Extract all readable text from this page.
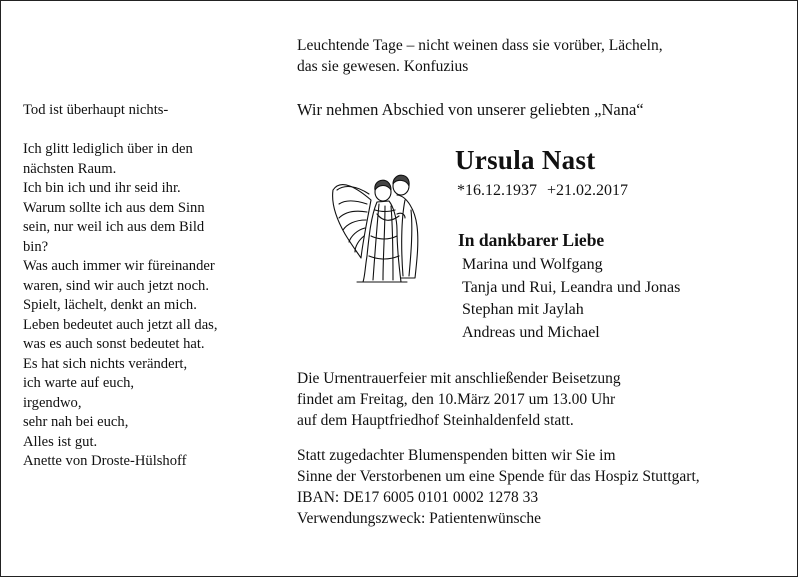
Leuchtende Tage – nicht weinen dass sie vorüber, Lächeln,
das sie gewesen. Konfuzius
Wir nehmen Abschied von unserer geliebten „Nana“
Ursula Nast
*16.12.1937 +21.02.2017
In dankbarer Liebe
Marina und Wolfgang
Tanja und Rui, Leandra und Jonas
Stephan mit Jaylah
Andreas und Michael
Tod ist überhaupt nichts-
Ich glitt lediglich über in den
nächsten Raum.
Ich bin ich und ihr seid ihr.
Warum sollte ich aus dem Sinn
sein, nur weil ich aus dem Bild
bin?
Was auch immer wir füreinander
waren, sind wir auch jetzt noch.
Spielt, lächelt, denkt an mich.
Leben bedeutet auch jetzt all das,
was es auch sonst bedeutet hat.
Es hat sich nichts verändert,
ich warte auf euch,
irgendwo,
sehr nah bei euch,
Alles ist gut.
Anette von Droste-Hülshoff
Die Urnentrauerfeier mit anschließender Beisetzung
findet am Freitag, den 10.März 2017 um 13.00 Uhr
auf dem Hauptfriedhof Steinhaldenfeld statt.
Statt zugedachter Blumenspenden bitten wir Sie im
Sinne der Verstorbenen um eine Spende für das Hospiz Stuttgart,
IBAN: DE17 6005 0101 0002 1278 33
Verwendungszweck: Patientenwünsche
